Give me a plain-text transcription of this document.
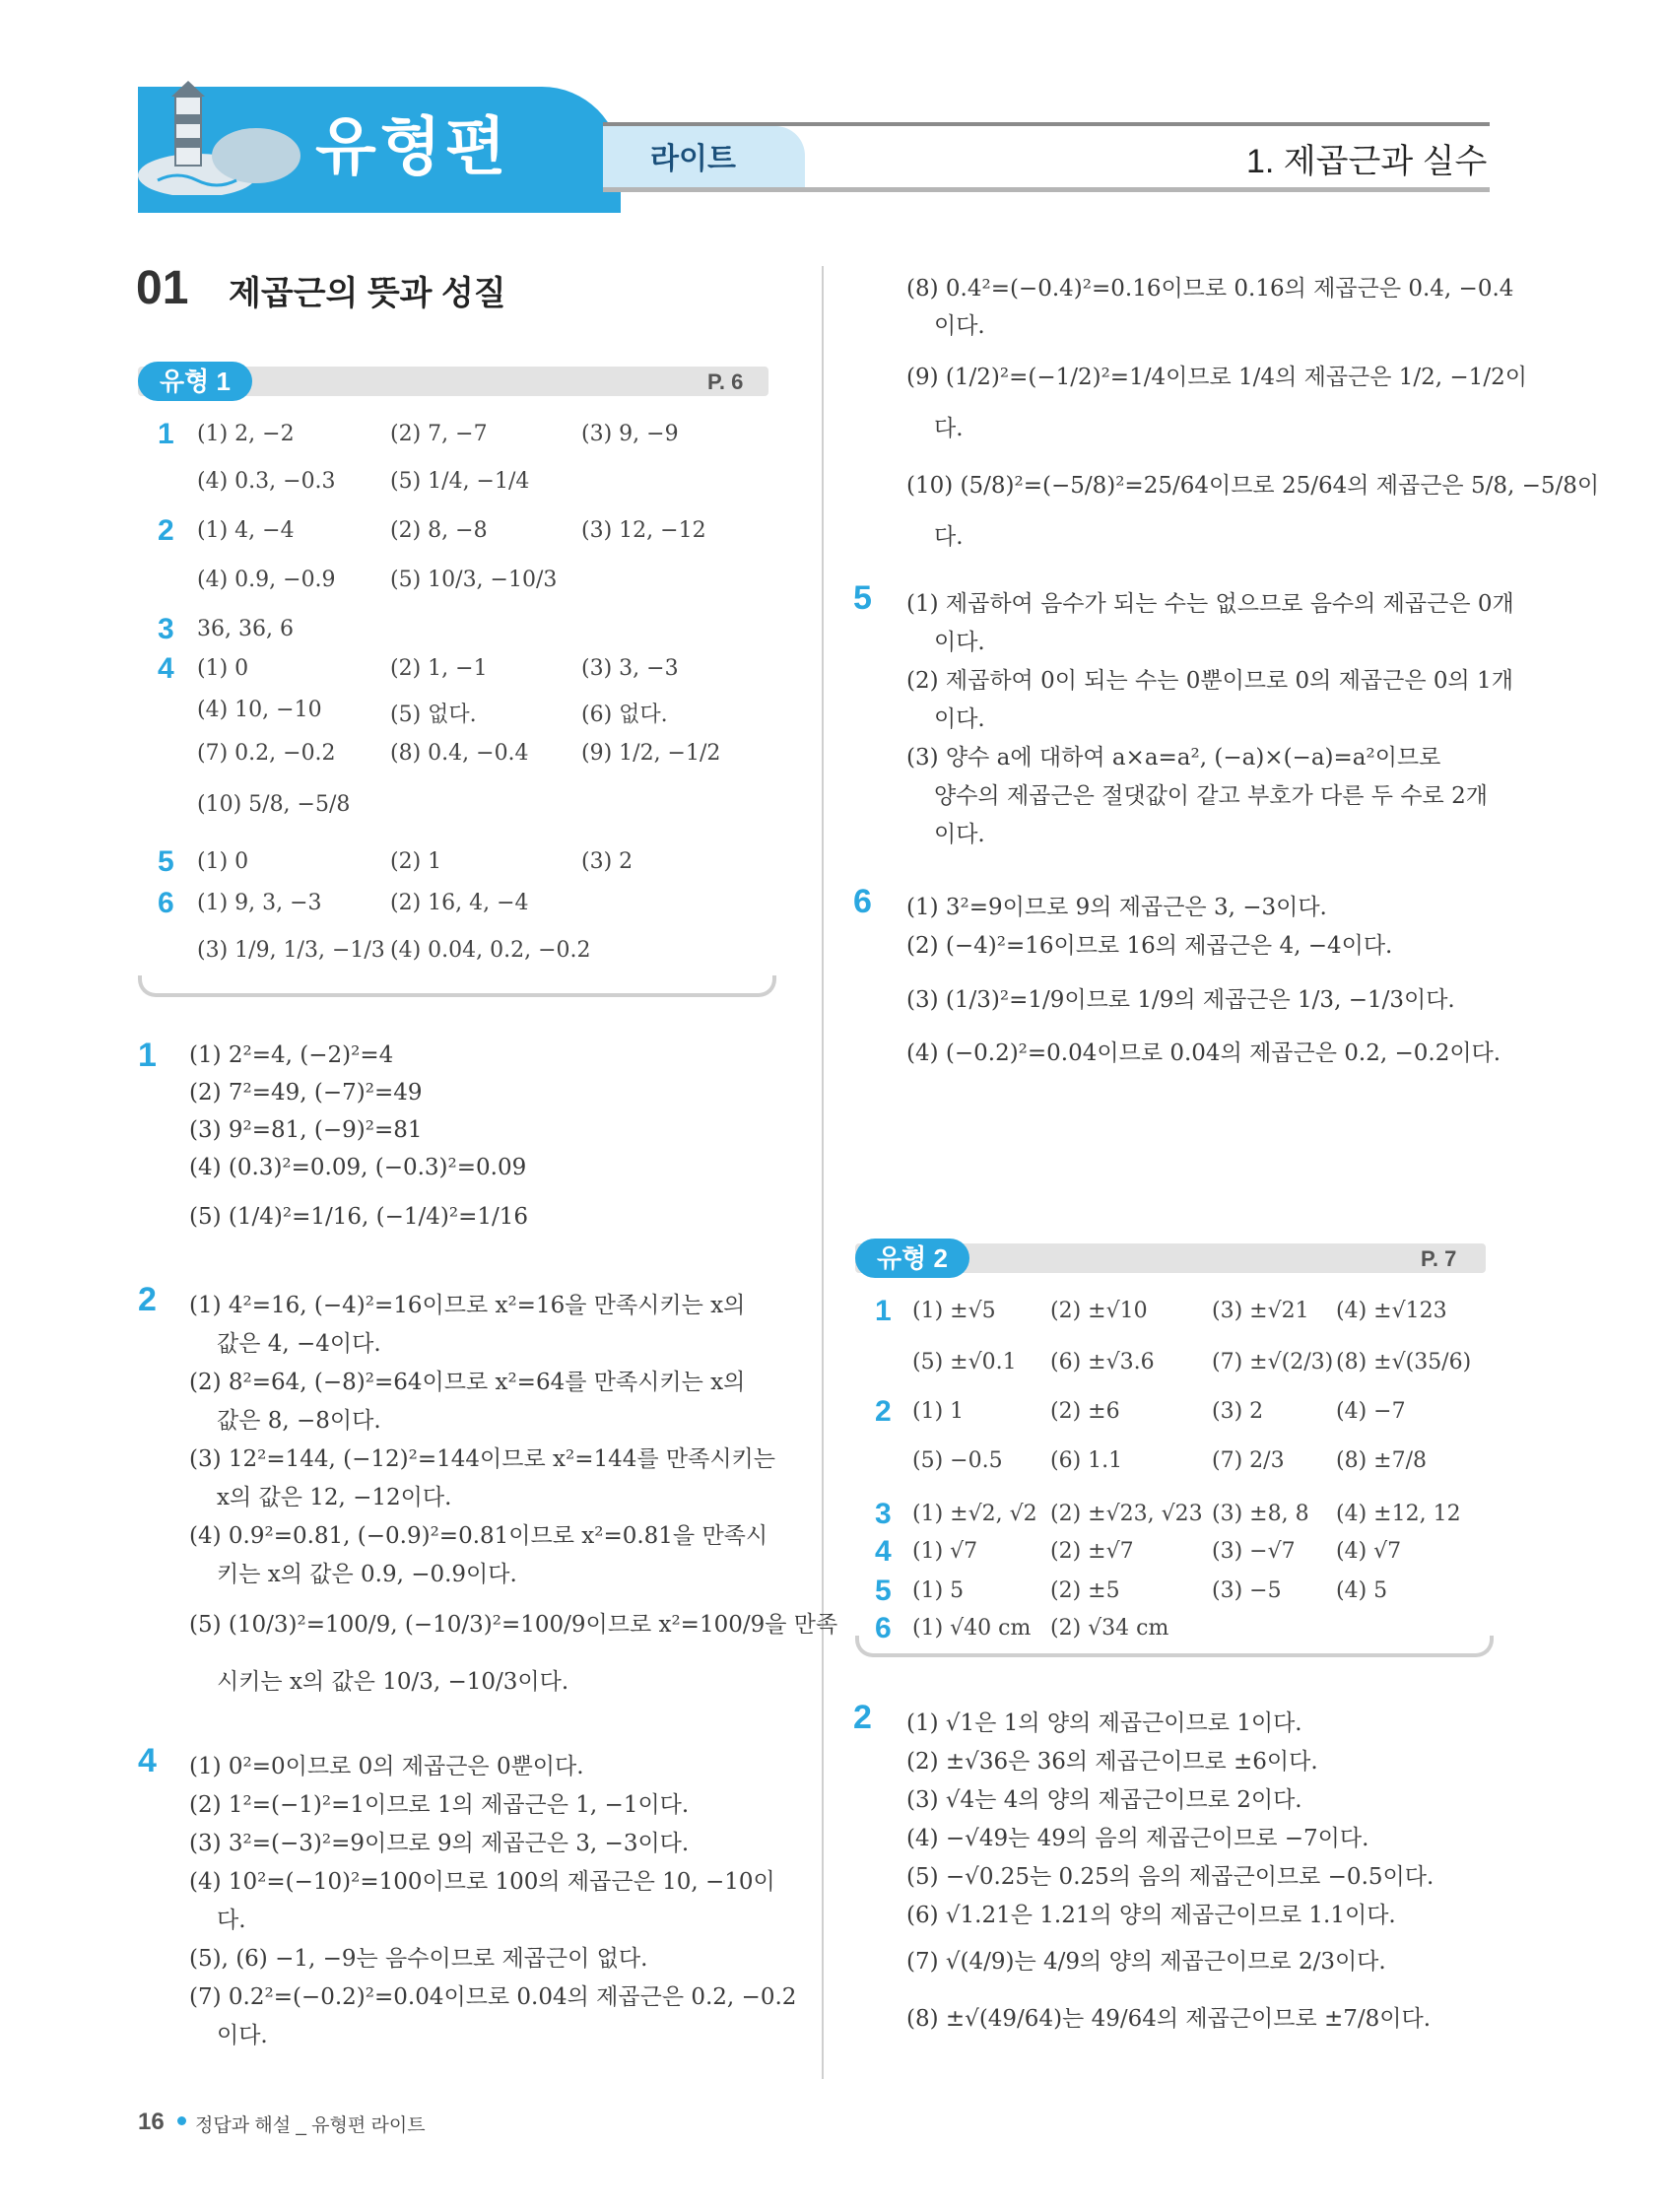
유형편	라이트	1. 제곱근과 실수
01 제곱근의 뜻과 성질
유형 1	P. 6
1 (1) 2, −2	(2) 7, −7	(3) 9, −9
(4) 0.3, −0.3	(5) 1/4, −1/4
2 (1) 4, −4	(2) 8, −8	(3) 12, −12
(4) 0.9, −0.9	(5) 10/3, −10/3
3 36, 36, 6
4 (1) 0	(2) 1, −1	(3) 3, −3
(4) 10, −10	(5) 없다.	(6) 없다.
(7) 0.2, −0.2	(8) 0.4, −0.4 (9) 1/2, −1/2
(10) 5/8, −5/8
5 (1) 0	(2) 1	(3) 2
6 (1) 9, 3, −3	(2) 16, 4, −4
(3) 1/9, 1/3, −1/3 (4) 0.04, 0.2, −0.2
1 (1) 2²=4, (−2)²=4
(2) 7²=49, (−7)²=49
(3) 9²=81, (−9)²=81
(4) (0.3)²=0.09, (−0.3)²=0.09
(5) (1/4)²=1/16, (−1/4)²=1/16
2 (1) 4²=16, (−4)²=16이므로 x²=16을 만족시키는 x의
값은 4, −4이다.
(2) 8²=64, (−8)²=64이므로 x²=64를 만족시키는 x의
값은 8, −8이다.
(3) 12²=144, (−12)²=144이므로 x²=144를 만족시키는
x의 값은 12, −12이다.
(4) 0.9²=0.81, (−0.9)²=0.81이므로 x²=0.81을 만족시
키는 x의 값은 0.9, −0.9이다.
(5) (10/3)²=100/9, (−10/3)²=100/9이므로 x²=100/9을 만족
시키는 x의 값은 10/3, −10/3이다.
4 (1) 0²=0이므로 0의 제곱근은 0뿐이다.
(2) 1²=(−1)²=1이므로 1의 제곱근은 1, −1이다.
(3) 3²=(−3)²=9이므로 9의 제곱근은 3, −3이다.
(4) 10²=(−10)²=100이므로 100의 제곱근은 10, −10이
다.
(5), (6) −1, −9는 음수이므로 제곱근이 없다.
(7) 0.2²=(−0.2)²=0.04이므로 0.04의 제곱근은 0.2, −0.2
이다.
(8) 0.4²=(−0.4)²=0.16이므로 0.16의 제곱근은 0.4, −0.4
이다.
(9) (1/2)²=(−1/2)²=1/4이므로 1/4의 제곱근은 1/2, −1/2이
다.
(10) (5/8)²=(−5/8)²=25/64이므로 25/64의 제곱근은 5/8, −5/8이
다.
5 (1) 제곱하여 음수가 되는 수는 없으므로 음수의 제곱근은 0개
이다.
(2) 제곱하여 0이 되는 수는 0뿐이므로 0의 제곱근은 0의 1개
이다.
(3) 양수 a에 대하여 a×a=a², (−a)×(−a)=a²이므로
양수의 제곱근은 절댓값이 같고 부호가 다른 두 수로 2개
이다.
6 (1) 3²=9이므로 9의 제곱근은 3, −3이다.
(2) (−4)²=16이므로 16의 제곱근은 4, −4이다.
(3) (1/3)²=1/9이므로 1/9의 제곱근은 1/3, −1/3이다.
(4) (−0.2)²=0.04이므로 0.04의 제곱근은 0.2, −0.2이다.
유형 2	P. 7
1 (1) ±√5	(2) ±√10	(3) ±√21 (4) ±√123
(5) ±√0.1 (6) ±√3.6	(7) ±√(2/3) (8) ±√(35/6)
2 (1) 1	(2) ±6	(3) 2	(4) −7
(5) −0.5 (6) 1.1	(7) 2/3 (8) ±7/8
3 (1) ±√2, √2 (2) ±√23, √23 (3) ±8, 8 (4) ±12, 12
4 (1) √7	(2) ±√7	(3) −√7 (4) √7
5 (1) 5	(2) ±5	(3) −5	(4) 5
6 (1) √40 cm (2) √34 cm
2 (1) √1은 1의 양의 제곱근이므로 1이다.
(2) ±√36은 36의 제곱근이므로 ±6이다.
(3) √4는 4의 양의 제곱근이므로 2이다.
(4) −√49는 49의 음의 제곱근이므로 −7이다.
(5) −√0.25는 0.25의 음의 제곱근이므로 −0.5이다.
(6) √1.21은 1.21의 양의 제곱근이므로 1.1이다.
(7) √(4/9)는 4/9의 양의 제곱근이므로 2/3이다.
(8) ±√(49/64)는 49/64의 제곱근이므로 ±7/8이다.
16 정답과 해설 _ 유형편 라이트
